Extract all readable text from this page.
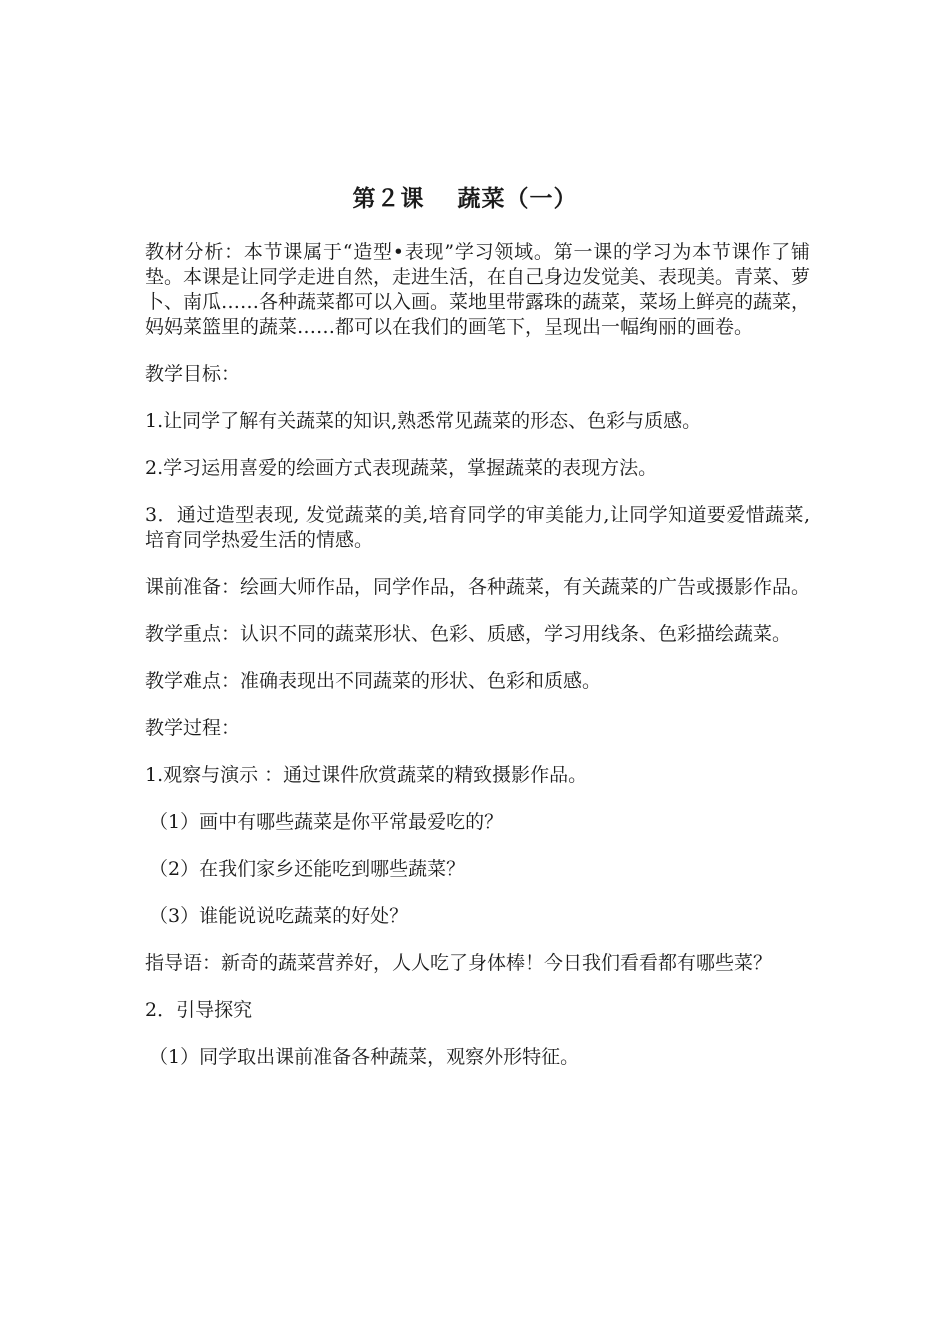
第２课　 蔬菜（一）

教材分析：本节课属于“造型•表现”学习领域。第一课的学习为本节课作了铺垫。本课是让同学走进自然，走进生活，在自己身边发觉美、表现美。青菜、萝卜、南瓜……各种蔬菜都可以入画。菜地里带露珠的蔬菜，菜场上鲜亮的蔬菜，妈妈菜篮里的蔬菜……都可以在我们的画笔下，呈现出一幅绚丽的画卷。

教学目标：

1.让同学了解有关蔬菜的知识,熟悉常见蔬菜的形态、色彩与质感。

2.学习运用喜爱的绘画方式表现蔬菜，掌握蔬菜的表现方法。

3．通过造型表现, 发觉蔬菜的美,培育同学的审美能力,让同学知道要爱惜蔬菜,培育同学热爱生活的情感。

课前准备：绘画大师作品，同学作品，各种蔬菜，有关蔬菜的广告或摄影作品。

教学重点：认识不同的蔬菜形状、色彩、质感，学习用线条、色彩描绘蔬菜。

教学难点：准确表现出不同蔬菜的形状、色彩和质感。

教学过程：

1.观察与演示 ：通过课件欣赏蔬菜的精致摄影作品。

（1）画中有哪些蔬菜是你平常最爱吃的？

（2）在我们家乡还能吃到哪些蔬菜？

（3）谁能说说吃蔬菜的好处？

指导语：新奇的蔬菜营养好，人人吃了身体棒！今日我们看看都有哪些菜？

2．引导探究

（1）同学取出课前准备各种蔬菜，观察外形特征。
